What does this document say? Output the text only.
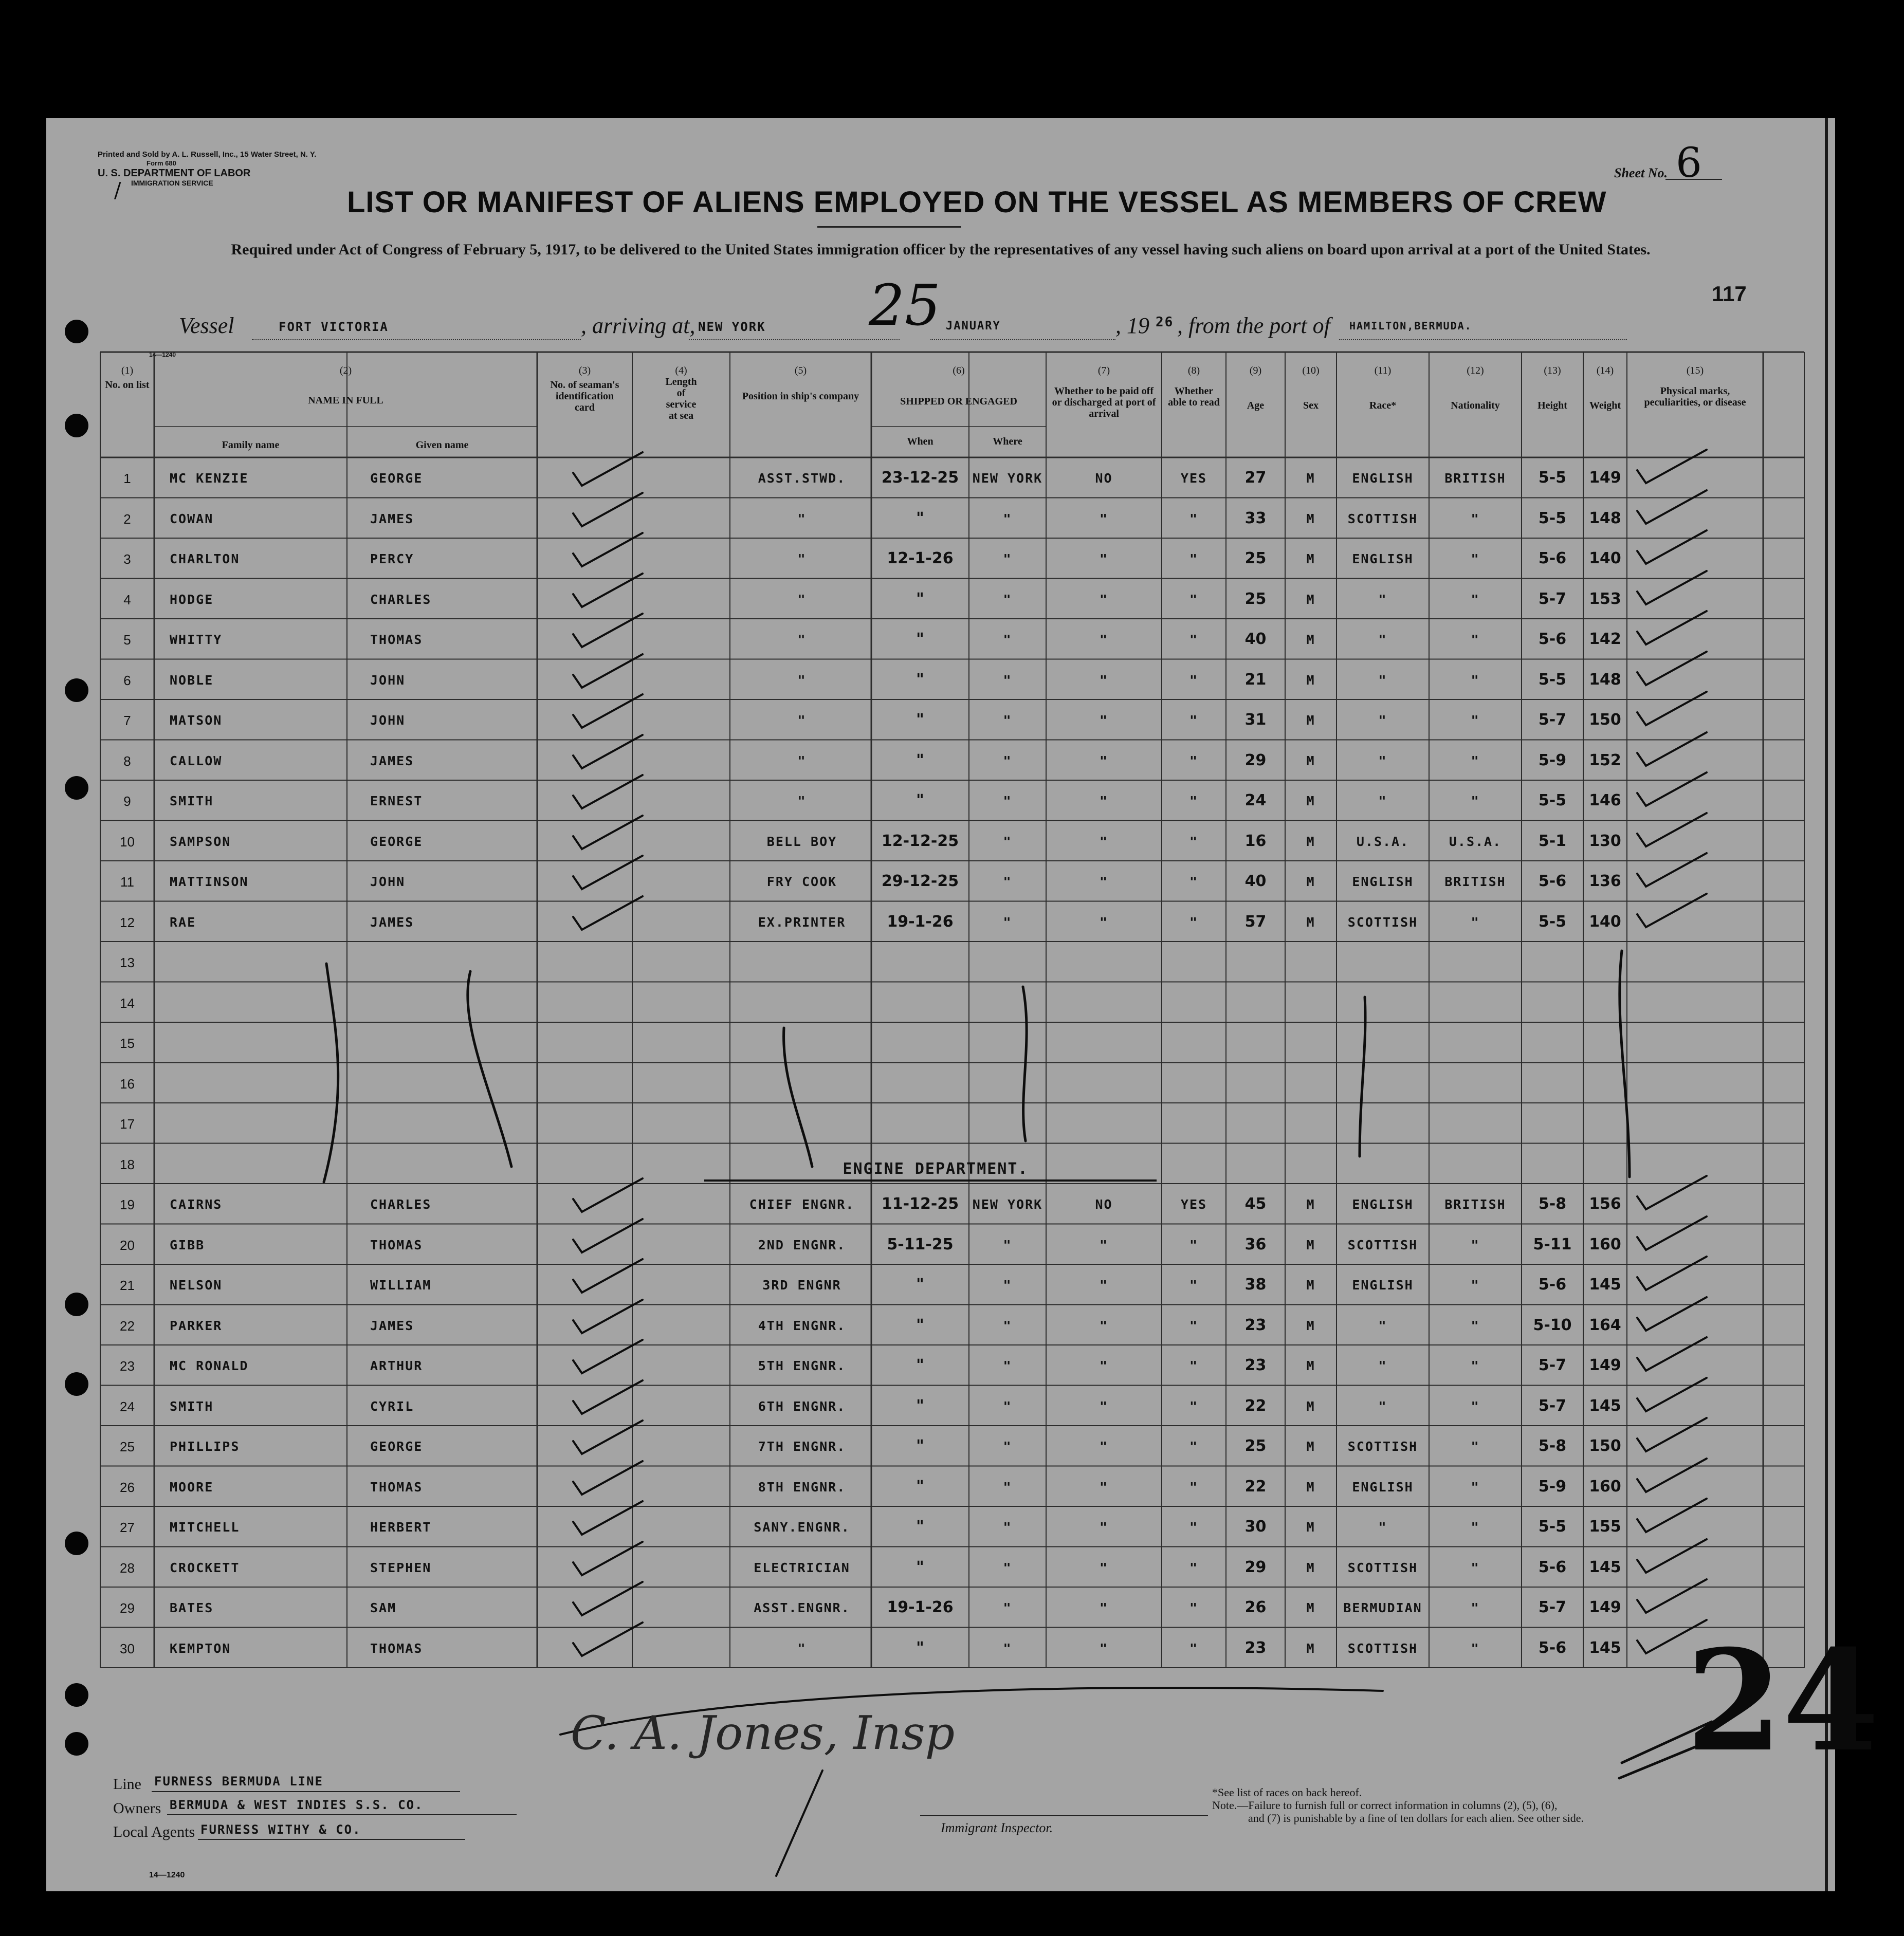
Printed and Sold by A. L. Russell, Inc., 15 Water Street, N. Y.
Form 680
U. S. DEPARTMENT OF LABOR
IMMIGRATION SERVICE
/
Sheet No. 6
LIST OR MANIFEST OF ALIENS EMPLOYED ON THE VESSEL AS MEMBERS OF CREW
Required under Act of Congress of February 5, 1917, to be delivered to the United States immigration officer by the representatives of any vessel having such aliens on board upon arrival at a port of the United States.
117
Vessel	FORT VICTORIA	, arriving at, NEW YORK 25 JANUARY	, 19 26 , from the port of HAMILTON,BERMUDA.
14—1240
(1)
No. on list
(2)
NAME IN FULL
Family name	Given name
(3)
No. of seaman's identification card
(4)
Length of service at sea
(5)
Position in ship's company
(6)
SHIPPED OR ENGAGED
When	Where
(7)
Whether to be paid off or discharged at port of arrival
(8)
Whether able to read
(9)
Age
(10)
Sex
(11)
Race*
(12)
Nationality
(13)
Height
(14)
Weight
(15)
Physical marks, peculiarities, or disease
1	MC KENZIE	GEORGE	ASST.STWD.	23-12-25	NEW YORK	NO	YES	27	M	ENGLISH	BRITISH	5-5	149
2	COWAN	JAMES	"	"	"	"	"	33	M	SCOTTISH	"	5-5	148
3	CHARLTON	PERCY	"	12-1-26	"	"	"	25	M	ENGLISH	"	5-6	140
4	HODGE	CHARLES	"	"	"	"	"	25	M	"	"	5-7	153
5	WHITTY	THOMAS	"	"	"	"	"	40	M	"	"	5-6	142
6	NOBLE	JOHN	"	"	"	"	"	21	M	"	"	5-5	148
7	MATSON	JOHN	"	"	"	"	"	31	M	"	"	5-7	150
8	CALLOW	JAMES	"	"	"	"	"	29	M	"	"	5-9	152
9	SMITH	ERNEST	"	"	"	"	"	24	M	"	"	5-5	146
10	SAMPSON	GEORGE	BELL BOY	12-12-25	"	"	"	16	M	U.S.A.	U.S.A.	5-1	130
11	MATTINSON	JOHN	FRY COOK	29-12-25	"	"	"	40	M	ENGLISH	BRITISH	5-6	136
12	RAE	JAMES	EX.PRINTER	19-1-26	"	"	"	57	M	SCOTTISH	"	5-5	140
13
14
15
16
17
18	ENGINE DEPARTMENT.
19	CAIRNS	CHARLES	CHIEF ENGNR.	11-12-25	NEW YORK	NO	YES	45	M	ENGLISH	BRITISH	5-8	156
20	GIBB	THOMAS	2ND ENGNR.	5-11-25	"	"	"	36	M	SCOTTISH	"	5-11	160
21	NELSON	WILLIAM	3RD ENGNR	"	"	"	"	38	M	ENGLISH	"	5-6	145
22	PARKER	JAMES	4TH ENGNR.	"	"	"	"	23	M	"	"	5-10	164
23	MC RONALD	ARTHUR	5TH ENGNR.	"	"	"	"	23	M	"	"	5-7	149
24	SMITH	CYRIL	6TH ENGNR.	"	"	"	"	22	M	"	"	5-7	145
25	PHILLIPS	GEORGE	7TH ENGNR.	"	"	"	"	25	M	SCOTTISH	"	5-8	150
26	MOORE	THOMAS	8TH ENGNR.	"	"	"	"	22	M	ENGLISH	"	5-9	160
27	MITCHELL	HERBERT	SANY.ENGNR.	"	"	"	"	30	M	"	"	5-5	155
28	CROCKETT	STEPHEN	ELECTRICIAN	"	"	"	"	29	M	SCOTTISH	"	5-6	145
29	BATES	SAM	ASST.ENGNR.	19-1-26	"	"	"	26	M	BERMUDIAN	"	5-7	149
30	KEMPTON	THOMAS	"	"	"	"	"	23	M	SCOTTISH	"	5-6	145 24
C. A. Jones, Insp
Line FURNESS BERMUDA LINE
Owners BERMUDA & WEST INDIES S.S. CO.
Local Agents FURNESS WITHY & CO.
14—1240
Immigrant Inspector.
*See list of races on back hereof.
Note.—Failure to furnish full or correct information in columns (2), (5), (6),
and (7) is punishable by a fine of ten dollars for each alien. See other side.
